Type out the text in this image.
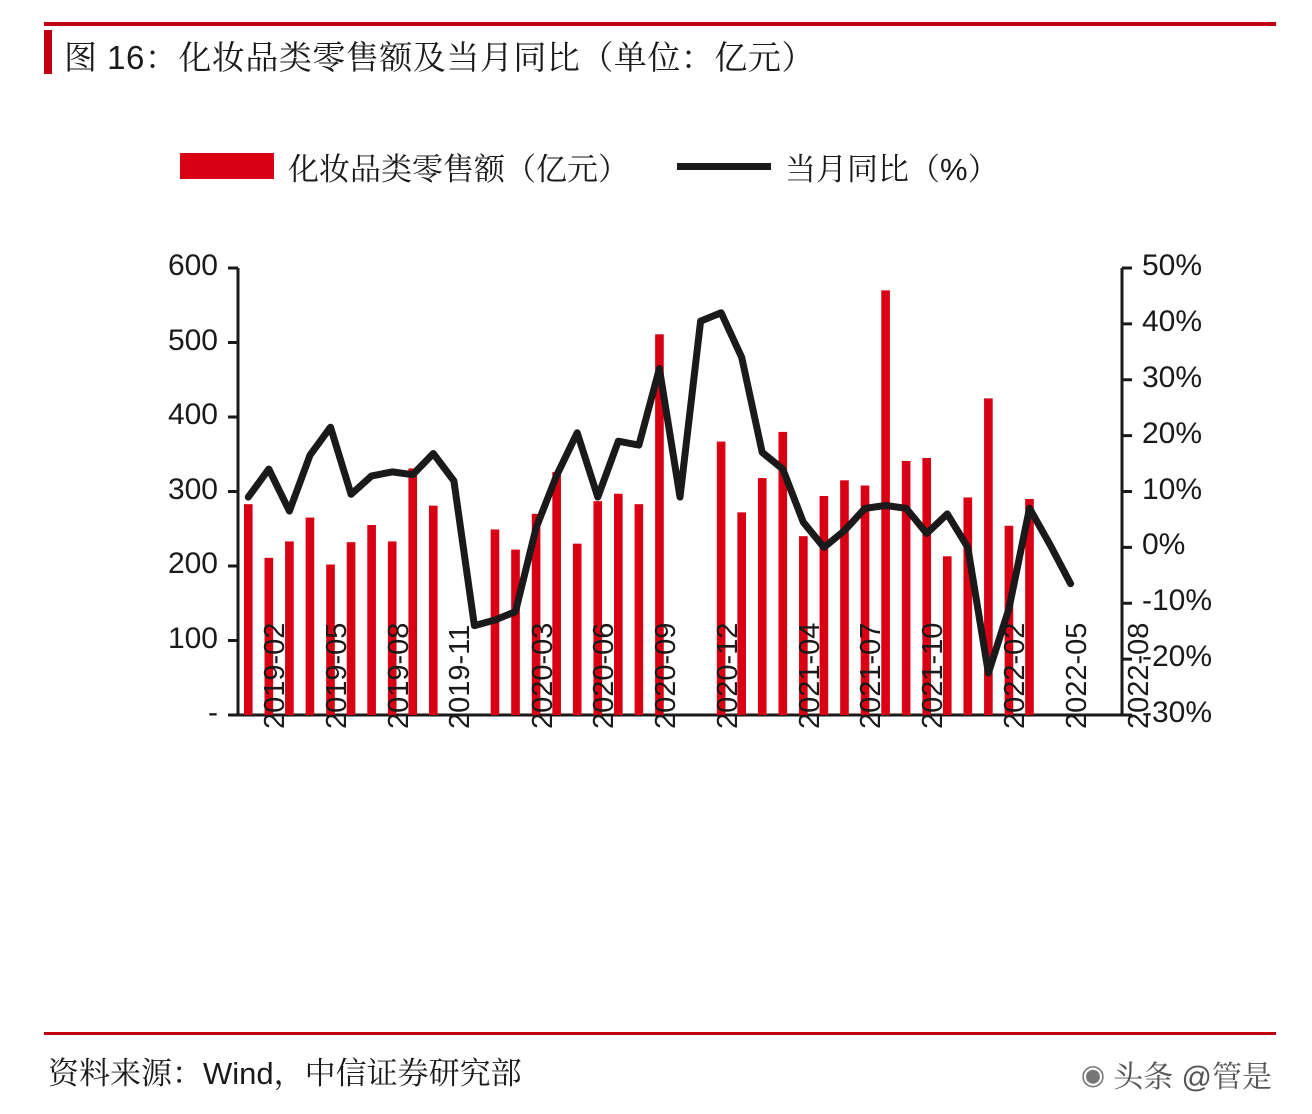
图 16：化妆品类零售额及当月同比（单位：亿元）
化妆品类零售额（亿元）	当月同比（%）
600
500
400
300
200
100
-
50%
40%
30%
20%
10%
0%
-10%
-20%
-30%
2019-02 2019-05 2019-08 2019-11 2020-03 2020-06 2020-09 2020-12 2021-04 2021-07 2021-10 2022-02 2022-05 2022-08
资料来源：Wind，中信证券研究部	◉ 头条 @管是
